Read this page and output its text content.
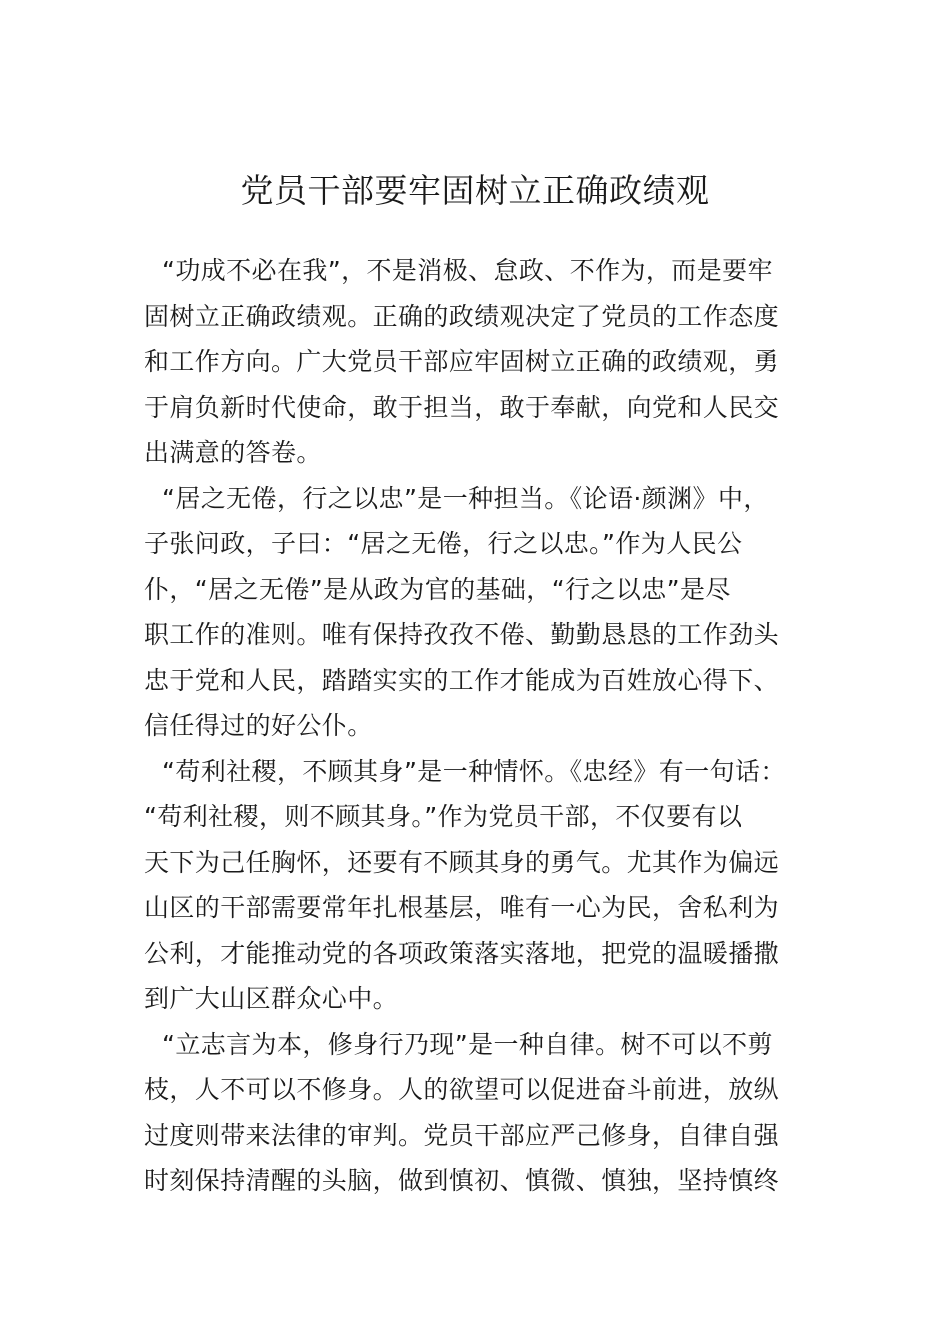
党员干部要牢固树立正确政绩观
“功成不必在我”，不是消极、怠政、不作为，而是要牢
固树立正确政绩观。正确的政绩观决定了党员的工作态度
和工作方向。广大党员干部应牢固树立正确的政绩观，勇
于肩负新时代使命，敢于担当，敢于奉献，向党和人民交
出满意的答卷。
“居之无倦，行之以忠”是一种担当。《论语·颜渊》中，
子张问政，子曰：“居之无倦，行之以忠。”作为人民公
仆，“居之无倦”是从政为官的基础，“行之以忠”是尽
职工作的准则。唯有保持孜孜不倦、勤勤恳恳的工作劲头
忠于党和人民，踏踏实实的工作才能成为百姓放心得下、
信任得过的好公仆。
“苟利社稷，不顾其身”是一种情怀。《忠经》有一句话：
“苟利社稷，则不顾其身。”作为党员干部，不仅要有以
天下为己任胸怀，还要有不顾其身的勇气。尤其作为偏远
山区的干部需要常年扎根基层，唯有一心为民，舍私利为
公利，才能推动党的各项政策落实落地，把党的温暖播撒
到广大山区群众心中。
“立志言为本，修身行乃现”是一种自律。树不可以不剪
枝，人不可以不修身。人的欲望可以促进奋斗前进，放纵
过度则带来法律的审判。党员干部应严己修身，自律自强
时刻保持清醒的头脑，做到慎初、慎微、慎独，坚持慎终
